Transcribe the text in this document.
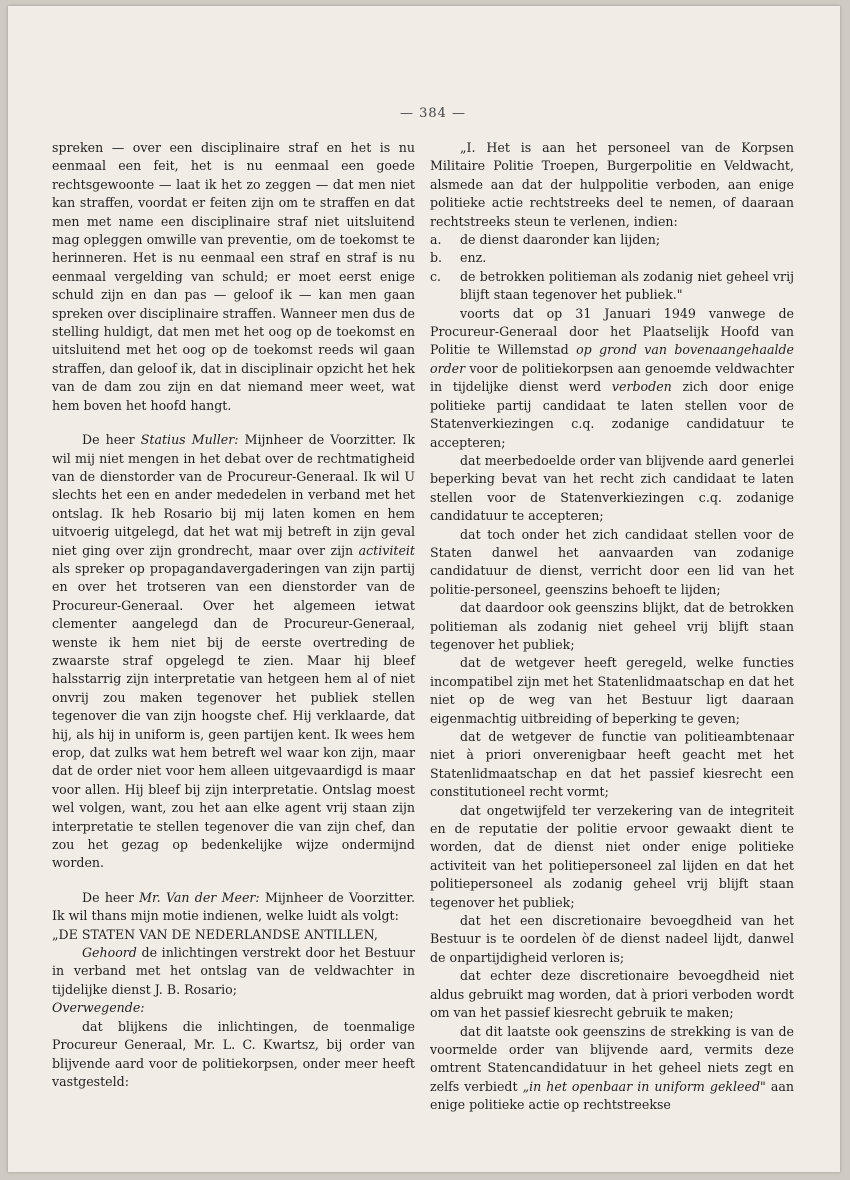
— 384 —

spreken — over een disciplinaire straf en het is nu eenmaal een feit, het is nu eenmaal een goede rechtsgewoonte — laat ik het zo zeggen — dat men niet kan straffen, voordat er feiten zijn om te straffen en dat men met name een disciplinaire straf niet uitsluitend mag opleggen omwille van preventie, om de toekomst te herinneren. Het is nu eenmaal een straf en straf is nu eenmaal vergelding van schuld; er moet eerst enige schuld zijn en dan pas — geloof ik — kan men gaan spreken over disciplinaire straffen. Wanneer men dus de stelling huldigt, dat men met het oog op de toekomst en uitsluitend met het oog op de toekomst reeds wil gaan straffen, dan geloof ik, dat in disciplinair opzicht het hek van de dam zou zijn en dat niemand meer weet, wat hem boven het hoofd hangt.

De heer Statius Muller: Mijnheer de Voorzitter. Ik wil mij niet mengen in het debat over de rechtmatigheid van de dienstorder van de Procureur-Generaal. Ik wil U slechts het een en ander mededelen in verband met het ontslag. Ik heb Rosario bij mij laten komen en hem uitvoerig uitgelegd, dat het wat mij betreft in zijn geval niet ging over zijn grondrecht, maar over zijn activiteit als spreker op propagandavergaderingen van zijn partij en over het trotseren van een dienstorder van de Procureur-Generaal. Over het algemeen ietwat clementer aangelegd dan de Procureur-Generaal, wenste ik hem niet bij de eerste overtreding de zwaarste straf opgelegd te zien. Maar hij bleef halsstarrig zijn interpretatie van hetgeen hem al of niet onvrij zou maken tegenover het publiek stellen tegenover die van zijn hoogste chef. Hij verklaarde, dat hij, als hij in uniform is, geen partijen kent. Ik wees hem erop, dat zulks wat hem betreft wel waar kon zijn, maar dat de order niet voor hem alleen uitgevaardigd is maar voor allen. Hij bleef bij zijn interpretatie. Ontslag moest wel volgen, want, zou het aan elke agent vrij staan zijn interpretatie te stellen tegenover die van zijn chef, dan zou het gezag op bedenkelijke wijze ondermijnd worden.

De heer Mr. Van der Meer: Mijnheer de Voorzitter. Ik wil thans mijn motie indienen, welke luidt als volgt:

„DE STATEN VAN DE NEDERLANDSE ANTILLEN,

Gehoord de inlichtingen verstrekt door het Bestuur in verband met het ontslag van de veldwachter in tijdelijke dienst J. B. Rosario;

Overwegende:

dat blijkens die inlichtingen, de toenmalige Procureur Generaal, Mr. L. C. Kwartsz, bij order van blijvende aard voor de politiekorpsen, onder meer heeft vastgesteld:

„I. Het is aan het personeel van de Korpsen Militaire Politie Troepen, Burgerpolitie en Veldwacht, alsmede aan dat der hulppolitie verboden, aan enige politieke actie rechtstreeks deel te nemen, of daaraan rechtstreeks steun te verlenen, indien:

a.	de dienst daaronder kan lijden;
b.	enz.
c.	de betrokken politieman als zodanig niet geheel vrij blijft staan tegenover het publiek."

voorts dat op 31 Januari 1949 vanwege de Procureur-Generaal door het Plaatselijk Hoofd van Politie te Willemstad op grond van bovenaangehaalde order voor de politiekorpsen aan genoemde veldwachter in tijdelijke dienst werd verboden zich door enige politieke partij candidaat te laten stellen voor de Statenverkiezingen c.q. zodanige candidatuur te accepteren;

dat meerbedoelde order van blijvende aard generlei beperking bevat van het recht zich candidaat te laten stellen voor de Statenverkiezingen c.q. zodanige candidatuur te accepteren;

dat toch onder het zich candidaat stellen voor de Staten danwel het aanvaarden van zodanige candidatuur de dienst, verricht door een lid van het politie-personeel, geenszins behoeft te lijden;

dat daardoor ook geenszins blijkt, dat de betrokken politieman als zodanig niet geheel vrij blijft staan tegenover het publiek;

dat de wetgever heeft geregeld, welke functies incompatibel zijn met het Statenlidmaatschap en dat het niet op de weg van het Bestuur ligt daaraan eigenmachtig uitbreiding of beperking te geven;

dat de wetgever de functie van politieambtenaar niet à priori onverenigbaar heeft geacht met het Statenlidmaatschap en dat het passief kiesrecht een constitutioneel recht vormt;

dat ongetwijfeld ter verzekering van de integriteit en de reputatie der politie ervoor gewaakt dient te worden, dat de dienst niet onder enige politieke activiteit van het politiepersoneel zal lijden en dat het politiepersoneel als zodanig geheel vrij blijft staan tegenover het publiek;

dat het een discretionaire bevoegdheid van het Bestuur is te oordelen òf de dienst nadeel lijdt, danwel de onpartijdigheid verloren is;

dat echter deze discretionaire bevoegdheid niet aldus gebruikt mag worden, dat à priori verboden wordt om van het passief kiesrecht gebruik te maken;

dat dit laatste ook geenszins de strekking is van de voormelde order van blijvende aard, vermits deze omtrent Statencandidatuur in het geheel niets zegt en zelfs verbiedt „in het openbaar in uniform gekleed" aan enige politieke actie op rechtstreekse
